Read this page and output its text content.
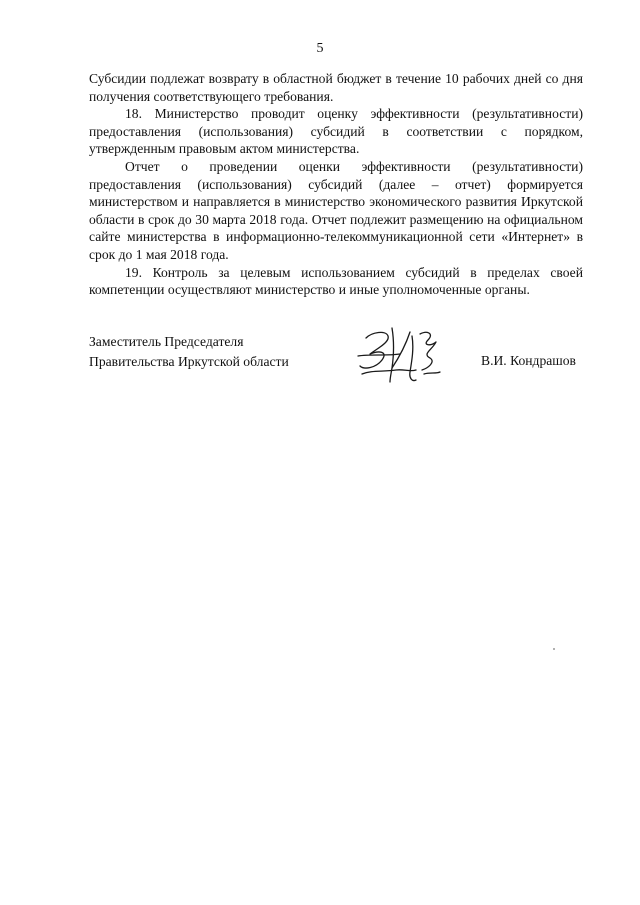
5

Субсидии подлежат возврату в областной бюджет в течение 10 рабочих дней со дня получения соответствующего требования.

18. Министерство проводит оценку эффективности (результативности) предоставления (использования) субсидий в соответствии с порядком, утвержденным правовым актом министерства.

Отчет о проведении оценки эффективности (результативности) предоставления (использования) субсидий (далее – отчет) формируется министерством и направляется в министерство экономического развития Иркутской области в срок до 30 марта 2018 года. Отчет подлежит размещению на официальном сайте министерства в информационно-телекоммуникационной сети «Интернет» в срок до 1 мая 2018 года.

19. Контроль за целевым использованием субсидий в пределах своей компетенции осуществляют министерство и иные уполномоченные органы.

Заместитель Председателя
Правительства Иркутской области	В.И. Кондрашов
